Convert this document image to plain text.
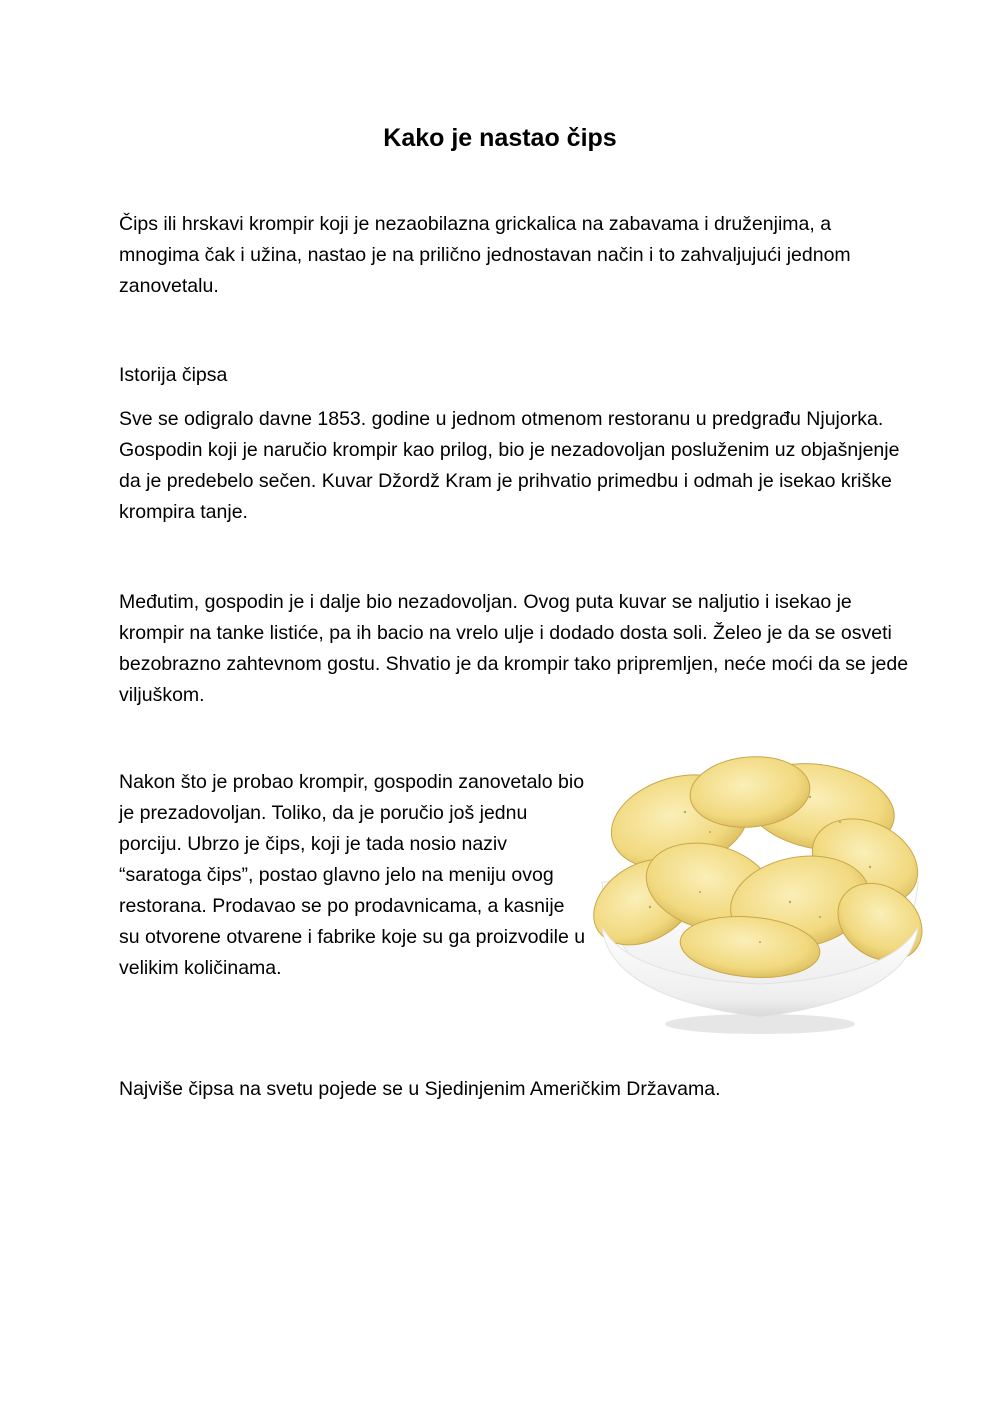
Kako je nastao čips

Čips ili hrskavi krompir koji je nezaobilazna grickalica na zabavama i druženjima, a mnogima čak i užina, nastao je na prilično jednostavan način i to zahvaljujući jednom zanovetalu.

Istorija čipsa

Sve se odigralo davne 1853. godine u jednom otmenom restoranu u predgrađu Njujorka. Gospodin koji je naručio krompir kao prilog, bio je nezadovoljan posluženim uz objašnjenje da je predebelo sečen. Kuvar Džordž Kram je prihvatio primedbu i odmah je isekao kriške krompira tanje.

Međutim, gospodin je i dalje bio nezadovoljan. Ovog puta kuvar se naljutio i isekao je krompir na tanke listiće, pa ih bacio na vrelo ulje i dodado dosta soli. Želeo je da se osveti bezobrazno zahtevnom gostu. Shvatio je da krompir tako pripremljen, neće moći da se jede viljuškom.

Nakon što je probao krompir, gospodin zanovetalo bio je prezadovoljan. Toliko, da je poručio još jednu porciju. Ubrzo je čips, koji je tada nosio naziv “saratoga čips”, postao glavno jelo na meniju ovog restorana. Prodavao se po prodavnicama, a kasnije su otvorene otvarene i fabrike koje su ga proizvodile u velikim količinama.

Najviše čipsa na svetu pojede se u Sjedinjenim Američkim Državama.
